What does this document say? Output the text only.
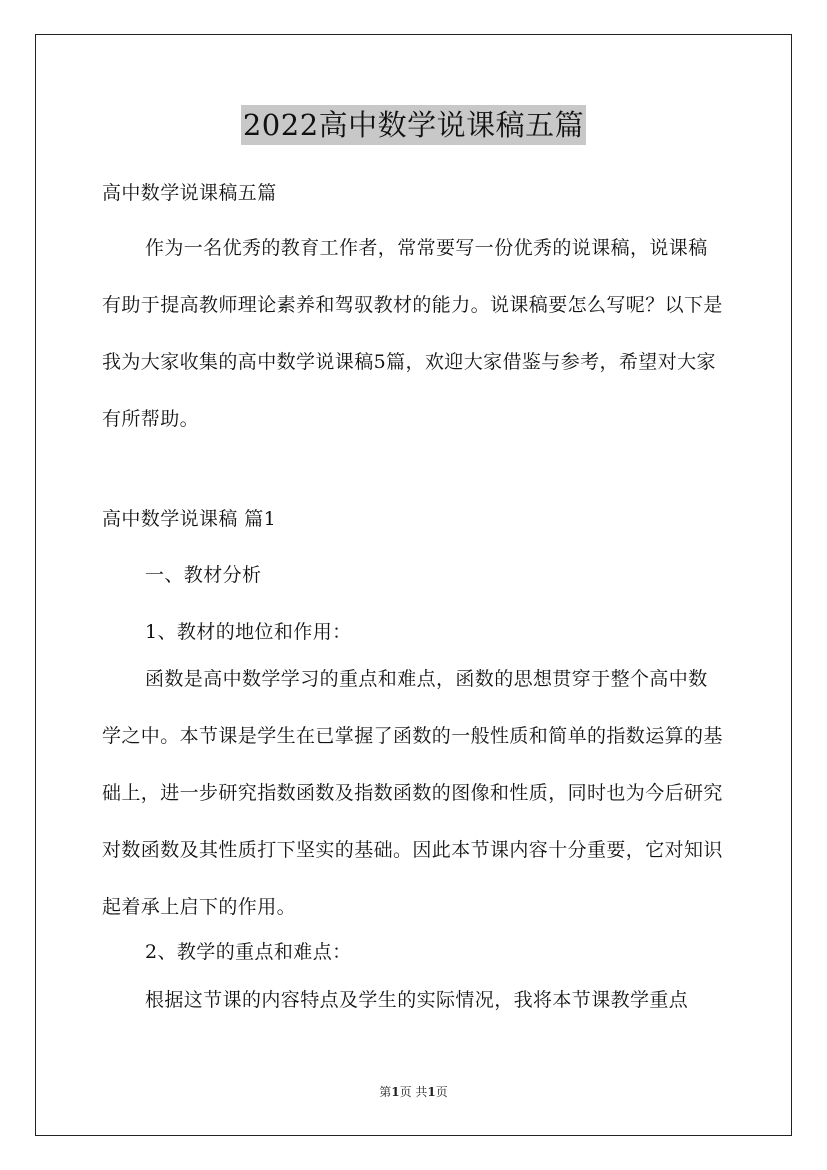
2022高中数学说课稿五篇

高中数学说课稿五篇

作为一名优秀的教育工作者，常常要写一份优秀的说课稿，说课稿有助于提高教师理论素养和驾驭教材的能力。说课稿要怎么写呢？以下是我为大家收集的高中数学说课稿5篇，欢迎大家借鉴与参考，希望对大家有所帮助。

高中数学说课稿 篇1

一、教材分析

1、教材的地位和作用：

函数是高中数学学习的重点和难点，函数的思想贯穿于整个高中数学之中。本节课是学生在已掌握了函数的一般性质和简单的指数运算的基础上，进一步研究指数函数及指数函数的图像和性质，同时也为今后研究对数函数及其性质打下坚实的基础。因此本节课内容十分重要，它对知识起着承上启下的作用。

2、教学的重点和难点：

根据这节课的内容特点及学生的实际情况，我将本节课教学重点

第1页 共1页
